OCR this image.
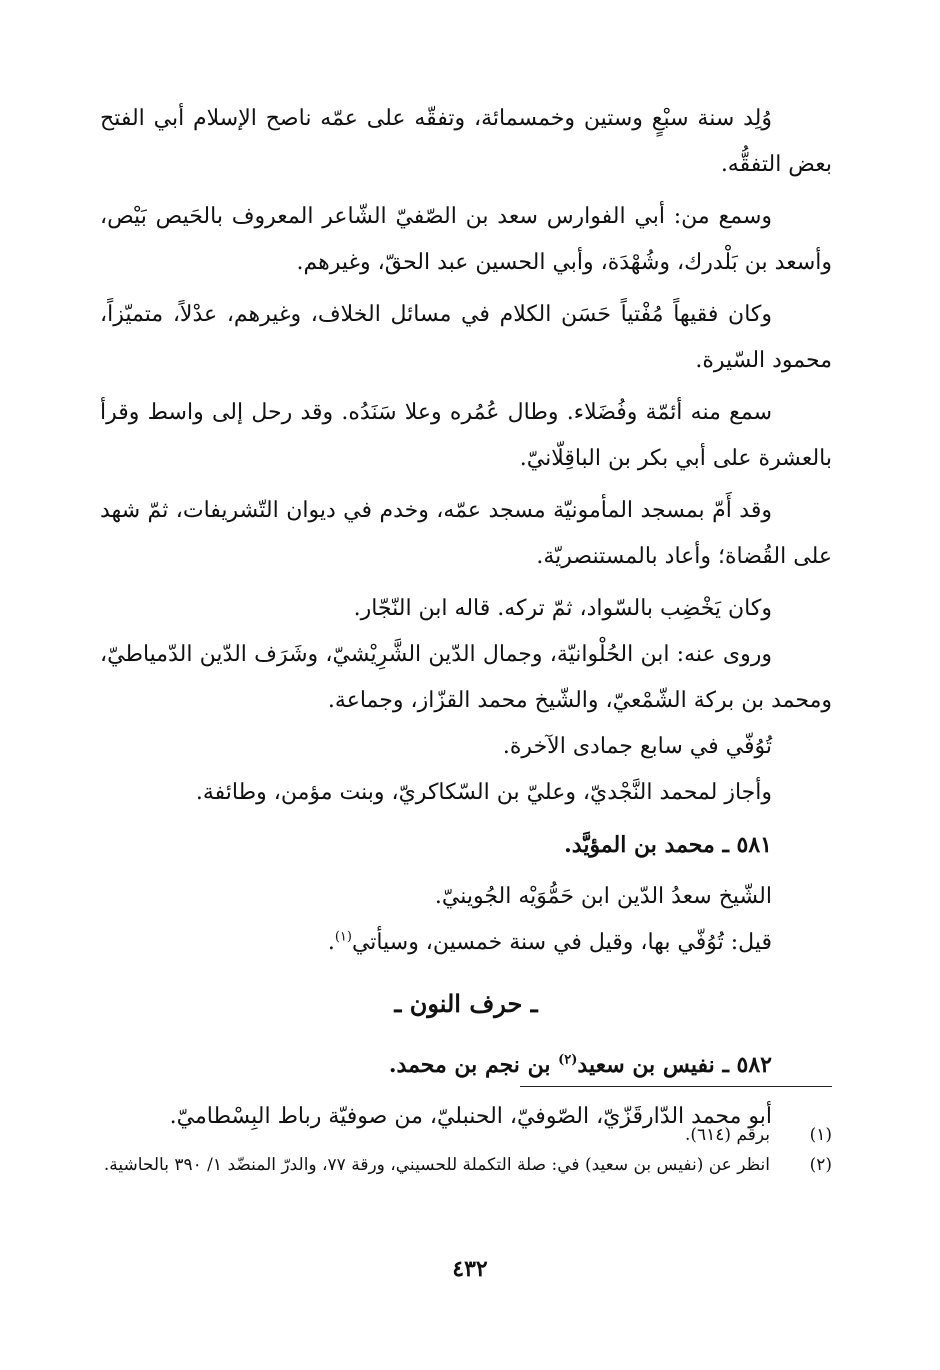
وُلِد سنة سبْعٍ وستين وخمسمائة، وتفقّه على عمّه ناصح الإسلام أبي الفتح بعض التفقُّه.

وسمع من: أبي الفوارس سعد بن الصّفيّ الشّاعر المعروف بالحَيص بَيْص، وأسعد بن بَلْدرك، وشُهْدَة، وأبي الحسين عبد الحقّ، وغيرهم.

وكان فقيهاً مُفْتياً حَسَن الكلام في مسائل الخلاف، وغيرهم، عدْلاً، متميّزاً، محمود السّيرة.

سمع منه أئمّة وفُضَلاء. وطال عُمُره وعلا سَنَدُه. وقد رحل إلى واسط وقرأ بالعشرة على أبي بكر بن الباقِلّانيّ.

وقد أَمّ بمسجد المأمونيّة مسجد عمّه، وخدم في ديوان التّشريفات، ثمّ شهد على القُضاة؛ وأعاد بالمستنصريّة.

وكان يَخْضِب بالسّواد، ثمّ تركه. قاله ابن النّجّار.

وروى عنه: ابن الحُلْوانيّة، وجمال الدّين الشَّرِيْشيّ، وشَرَف الدّين الدّمياطيّ، ومحمد بن بركة الشّمْعيّ، والشّيخ محمد القزّاز، وجماعة.

تُوُفّي في سابع جمادى الآخرة.

وأجاز لمحمد النَّجْديّ، وعليّ بن السّكاكريّ، وبنت مؤمن، وطائفة.

٥٨١ ـ محمد بن المؤيَّد.

الشّيخ سعدُ الدّين ابن حَمُّوَيْه الجُوينيّ.

قيل: تُوُفّي بها، وقيل في سنة خمسين، وسيأتي$^{(١)}$.

ـ حرف النون ـ

٥٨٢ ـ نفيس بن سعيد$^{(٢)}$ بن نجم بن محمد.

أبو محمد الدّارقَزّيّ، الصّوفيّ، الحنبليّ، من صوفيّة رباط البِسْطاميّ.

(١)
برقم (٦١٤).
(٢)
انظر عن (نفيس بن سعيد) في: صلة التكملة للحسيني، ورقة ٧٧، والدرّ المنضّد ١/ ٣٩٠ بالحاشية.
٤٣٢
